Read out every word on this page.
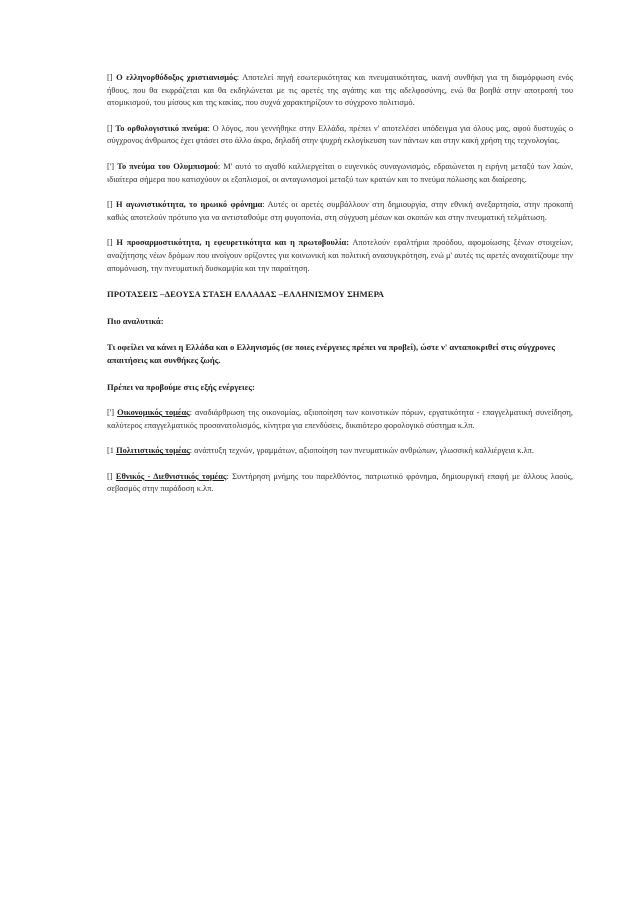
[] Ο ελληνορθόδοξος χριστιανισμός: Αποτελεί πηγή εσωτερικότητας και πνευματικότητας, ικανή συνθήκη για τη διαμόρφωση ενός ήθους, που θα εκφράζεται και θα εκδηλώνεται με τις αρετές της αγάπης και της αδελφοσύνης, ενώ θα βοηθά στην αποτροπή του ατομικισμού, του μίσους και της κακίας, που συχνά χαρακτηρίζουν το σύγχρονο πολιτισμό.

[] Το ορθολογιστικό πνεύμα: Ο λόγος, που γεννήθηκε στην Ελλάδα, πρέπει ν' αποτελέσει υπόδειγμα για όλους μας, αφού δυστυχώς ο σύγχρονος άνθρωπος έχει φτάσει στο άλλο άκρο, δηλαδή στην ψυχρή εκλογίκευση των πάντων και στην κακή χρήση της τεχνολογίας.

['] Το πνεύμα του Ολυμπισμού: Μ' αυτό το αγαθό καλλιεργείται ο ευγενικός συναγωνισμός, εδραιώνεται η ειρήνη μεταξύ των λαών, ιδιαίτερα σήμερα που κατισχύουν οι εξοπλισμοί, οι ανταγωνισμοί μεταξύ των κρατών και το πνεύμα πόλωσης και διαίρεσης.

[] Η αγωνιστικότητα, το ηρωικό φρόνημα: Αυτές οι αρετές συμβάλλουν στη δημιουργία, στην εθνική ανεξαρτησία, στην προκοπή καθώς αποτελούν πρότυπο για να αντισταθούμε στη φυγοπονία, στη σύγχυση μέσων και σκοπών και στην πνευματική τελμάτωση.

[] Η προσαρμοστικότητα, η εφευρετικότητα και η πρωτοβουλία: Αποτελούν εφαλτήρια προόδου, αφομοίωσης ξένων στοιχείων, αναζήτησης νέων δρόμων που ανοίγουν ορίζοντες για κοινωνική και πολιτική ανασυγκρότηση, ενώ μ' αυτές τις αρετές αναχαιτίζουμε την απομόνωση, την πνευματική δυσκαμψία και την παραίτηση.

ΠΡΟΤΑΣΕΙΣ –ΔΕΟΥΣΑ ΣΤΑΣΗ ΕΛΛΑΔΑΣ –ΕΛΛΗΝΙΣΜΟΥ ΣΗΜΕΡΑ
Πιο αναλυτικά:
Τι οφείλει να κάνει η Ελλάδα και ο Ελληνισμός (σε ποιες ενέργειες πρέπει να προβεί), ώστε ν' ανταποκριθεί στις σύγχρονες απαιτήσεις και συνθήκες ζωής.
Πρέπει να προβούμε στις εξής ενέργειες:

['] Οικονομικός τομέας: αναδιάρθρωση της οικονομίας, αξιοποίηση των κοινοτικών πόρων, εργατικότητα - επαγγελματική συνείδηση, καλύτερος επαγγελματικός προσανατολισμός, κίνητρα για επενδύσεις, δικαιότερο φορολογικό σύστημα κ.λπ.

[1 Πολιτιστικός τομέας: ανάπτυξη τεχνών, γραμμάτων, αξιοποίηση των πνευματικών ανθρώπων, γλωσσική καλλιέργεια κ.λπ.

[] Εθνικός - Διεθνιστικός τομέας: Συντήρηση μνήμης του παρελθόντος, πατριωτικό φρόνημα, δημιουργική επαφή με άλλους λαούς, σεβασμός στην παράδοση κ.λπ.
